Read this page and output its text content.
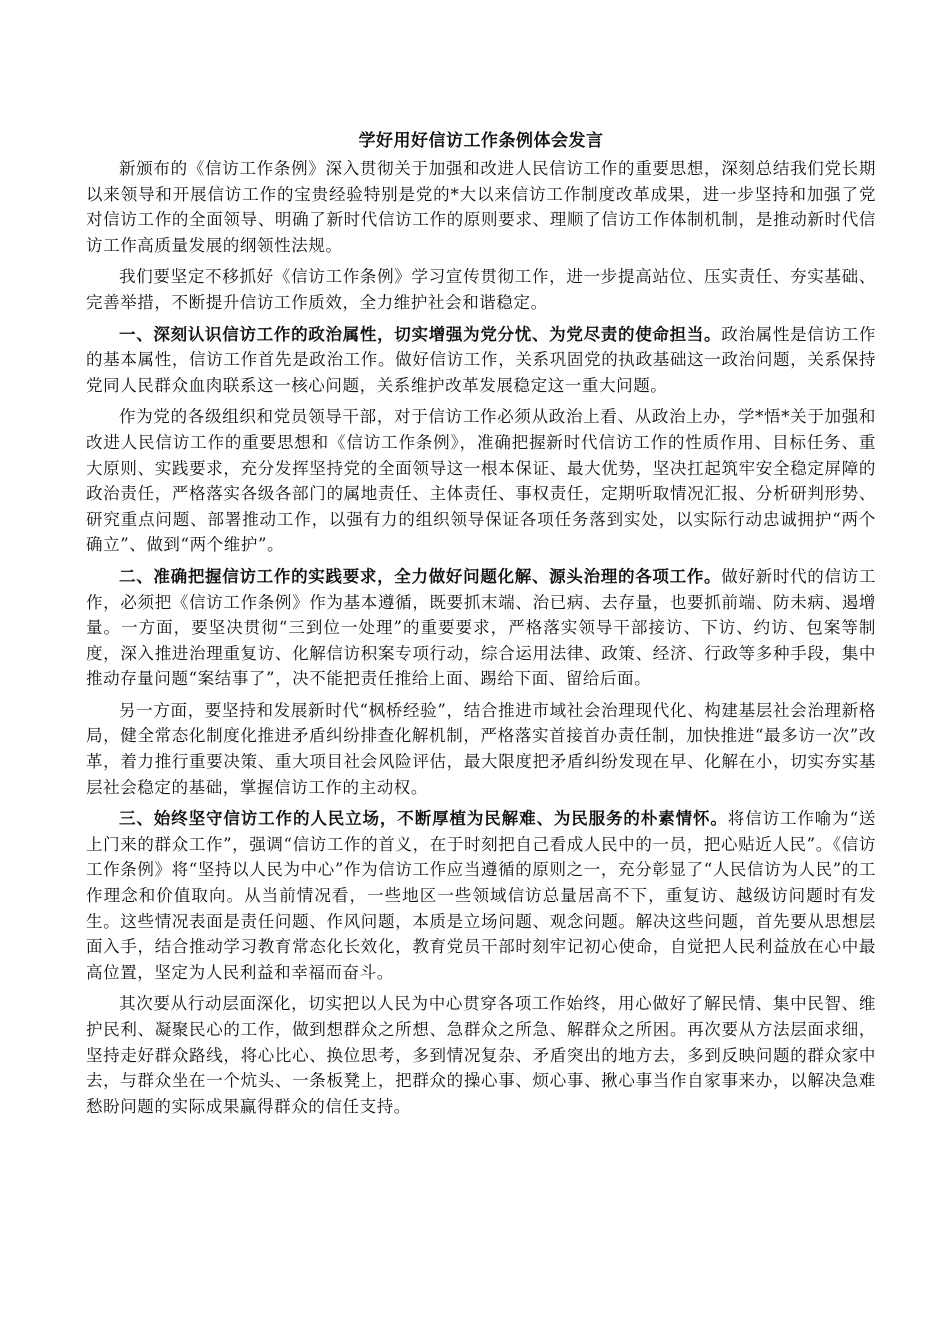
学好用好信访工作条例体会发言

新颁布的《信访工作条例》深入贯彻关于加强和改进人民信访工作的重要思想，深刻总结我们党长期以来领导和开展信访工作的宝贵经验特别是党的*大以来信访工作制度改革成果，进一步坚持和加强了党对信访工作的全面领导、明确了新时代信访工作的原则要求、理顺了信访工作体制机制，是推动新时代信访工作高质量发展的纲领性法规。

我们要坚定不移抓好《信访工作条例》学习宣传贯彻工作，进一步提高站位、压实责任、夯实基础、完善举措，不断提升信访工作质效，全力维护社会和谐稳定。

一、深刻认识信访工作的政治属性，切实增强为党分忧、为党尽责的使命担当。政治属性是信访工作的基本属性，信访工作首先是政治工作。做好信访工作，关系巩固党的执政基础这一政治问题，关系保持党同人民群众血肉联系这一核心问题，关系维护改革发展稳定这一重大问题。

作为党的各级组织和党员领导干部，对于信访工作必须从政治上看、从政治上办，学*悟*关于加强和改进人民信访工作的重要思想和《信访工作条例》，准确把握新时代信访工作的性质作用、目标任务、重大原则、实践要求，充分发挥坚持党的全面领导这一根本保证、最大优势，坚决扛起筑牢安全稳定屏障的政治责任，严格落实各级各部门的属地责任、主体责任、事权责任，定期听取情况汇报、分析研判形势、研究重点问题、部署推动工作，以强有力的组织领导保证各项任务落到实处，以实际行动忠诚拥护“两个确立”、做到“两个维护”。

二、准确把握信访工作的实践要求，全力做好问题化解、源头治理的各项工作。做好新时代的信访工作，必须把《信访工作条例》作为基本遵循，既要抓末端、治已病、去存量，也要抓前端、防未病、遏增量。一方面，要坚决贯彻“三到位一处理”的重要要求，严格落实领导干部接访、下访、约访、包案等制度，深入推进治理重复访、化解信访积案专项行动，综合运用法律、政策、经济、行政等多种手段，集中推动存量问题“案结事了”，决不能把责任推给上面、踢给下面、留给后面。

另一方面，要坚持和发展新时代“枫桥经验”，结合推进市域社会治理现代化、构建基层社会治理新格局，健全常态化制度化推进矛盾纠纷排查化解机制，严格落实首接首办责任制，加快推进“最多访一次”改革，着力推行重要决策、重大项目社会风险评估，最大限度把矛盾纠纷发现在早、化解在小，切实夯实基层社会稳定的基础，掌握信访工作的主动权。

三、始终坚守信访工作的人民立场，不断厚植为民解难、为民服务的朴素情怀。将信访工作喻为“送上门来的群众工作”，强调“信访工作的首义，在于时刻把自己看成人民中的一员，把心贴近人民”。《信访工作条例》将“坚持以人民为中心”作为信访工作应当遵循的原则之一，充分彰显了“人民信访为人民”的工作理念和价值取向。从当前情况看，一些地区一些领域信访总量居高不下，重复访、越级访问题时有发生。这些情况表面是责任问题、作风问题，本质是立场问题、观念问题。解决这些问题，首先要从思想层面入手，结合推动学习教育常态化长效化，教育党员干部时刻牢记初心使命，自觉把人民利益放在心中最高位置，坚定为人民利益和幸福而奋斗。

其次要从行动层面深化，切实把以人民为中心贯穿各项工作始终，用心做好了解民情、集中民智、维护民利、凝聚民心的工作，做到想群众之所想、急群众之所急、解群众之所困。再次要从方法层面求细，坚持走好群众路线，将心比心、换位思考，多到情况复杂、矛盾突出的地方去，多到反映问题的群众家中去，与群众坐在一个炕头、一条板凳上，把群众的操心事、烦心事、揪心事当作自家事来办，以解决急难愁盼问题的实际成果赢得群众的信任支持。
